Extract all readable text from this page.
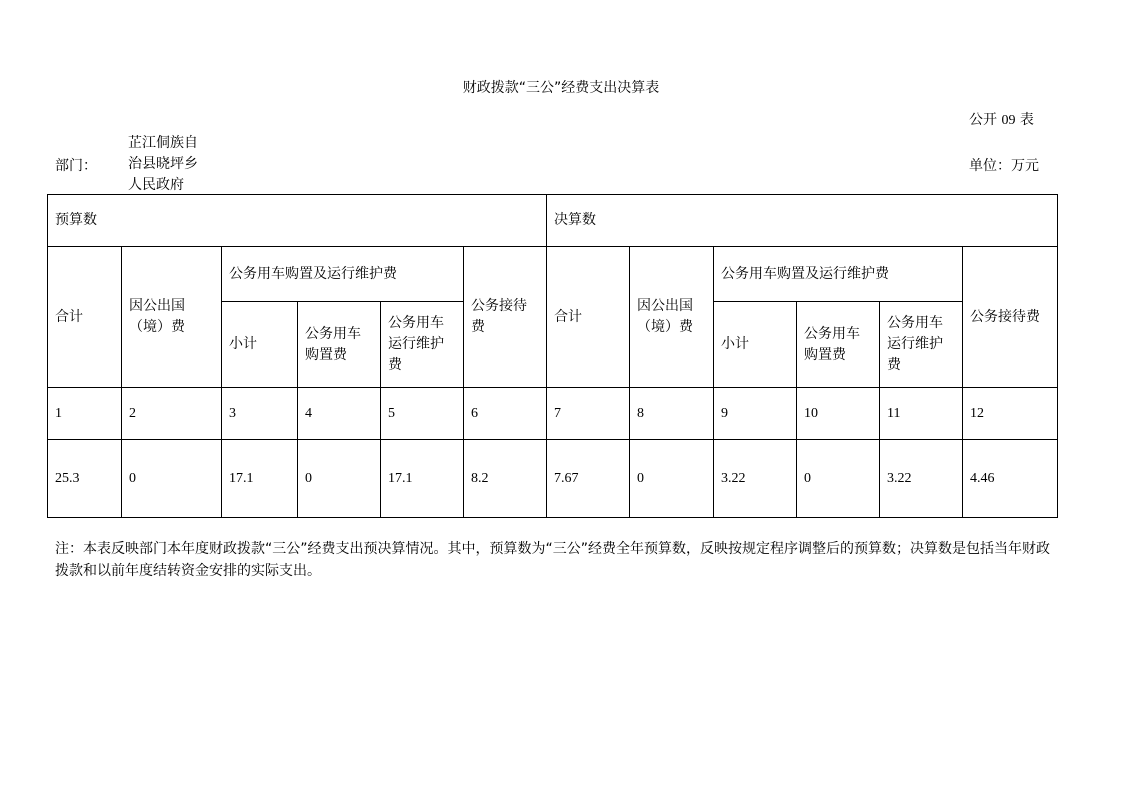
财政拨款“三公”经费支出决算表
公开 09 表
部门：
芷江侗族自
治县晓坪乡
人民政府
单位：万元
预算数						决算数					
合计	因公出国（境）费	公务用车购置及运行维护费			公务接待费	合计	因公出国（境）费	公务用车购置及运行维护费			公务接待费
		小计	公务用车购置费	公务用车运行维护费				小计	公务用车购置费	公务用车运行维护费	
1	2	3	4	5	6	7	8	9	10	11	12
25.3	0	17.1	0	17.1	8.2	7.67	0	3.22	0	3.22	4.46
注：本表反映部门本年度财政拨款“三公”经费支出预决算情况。其中，预算数为“三公”经费全年预算数，反映按规定程序调整后的预算数；决算数是包括当年财政拨款和以前年度结转资金安排的实际支出。
